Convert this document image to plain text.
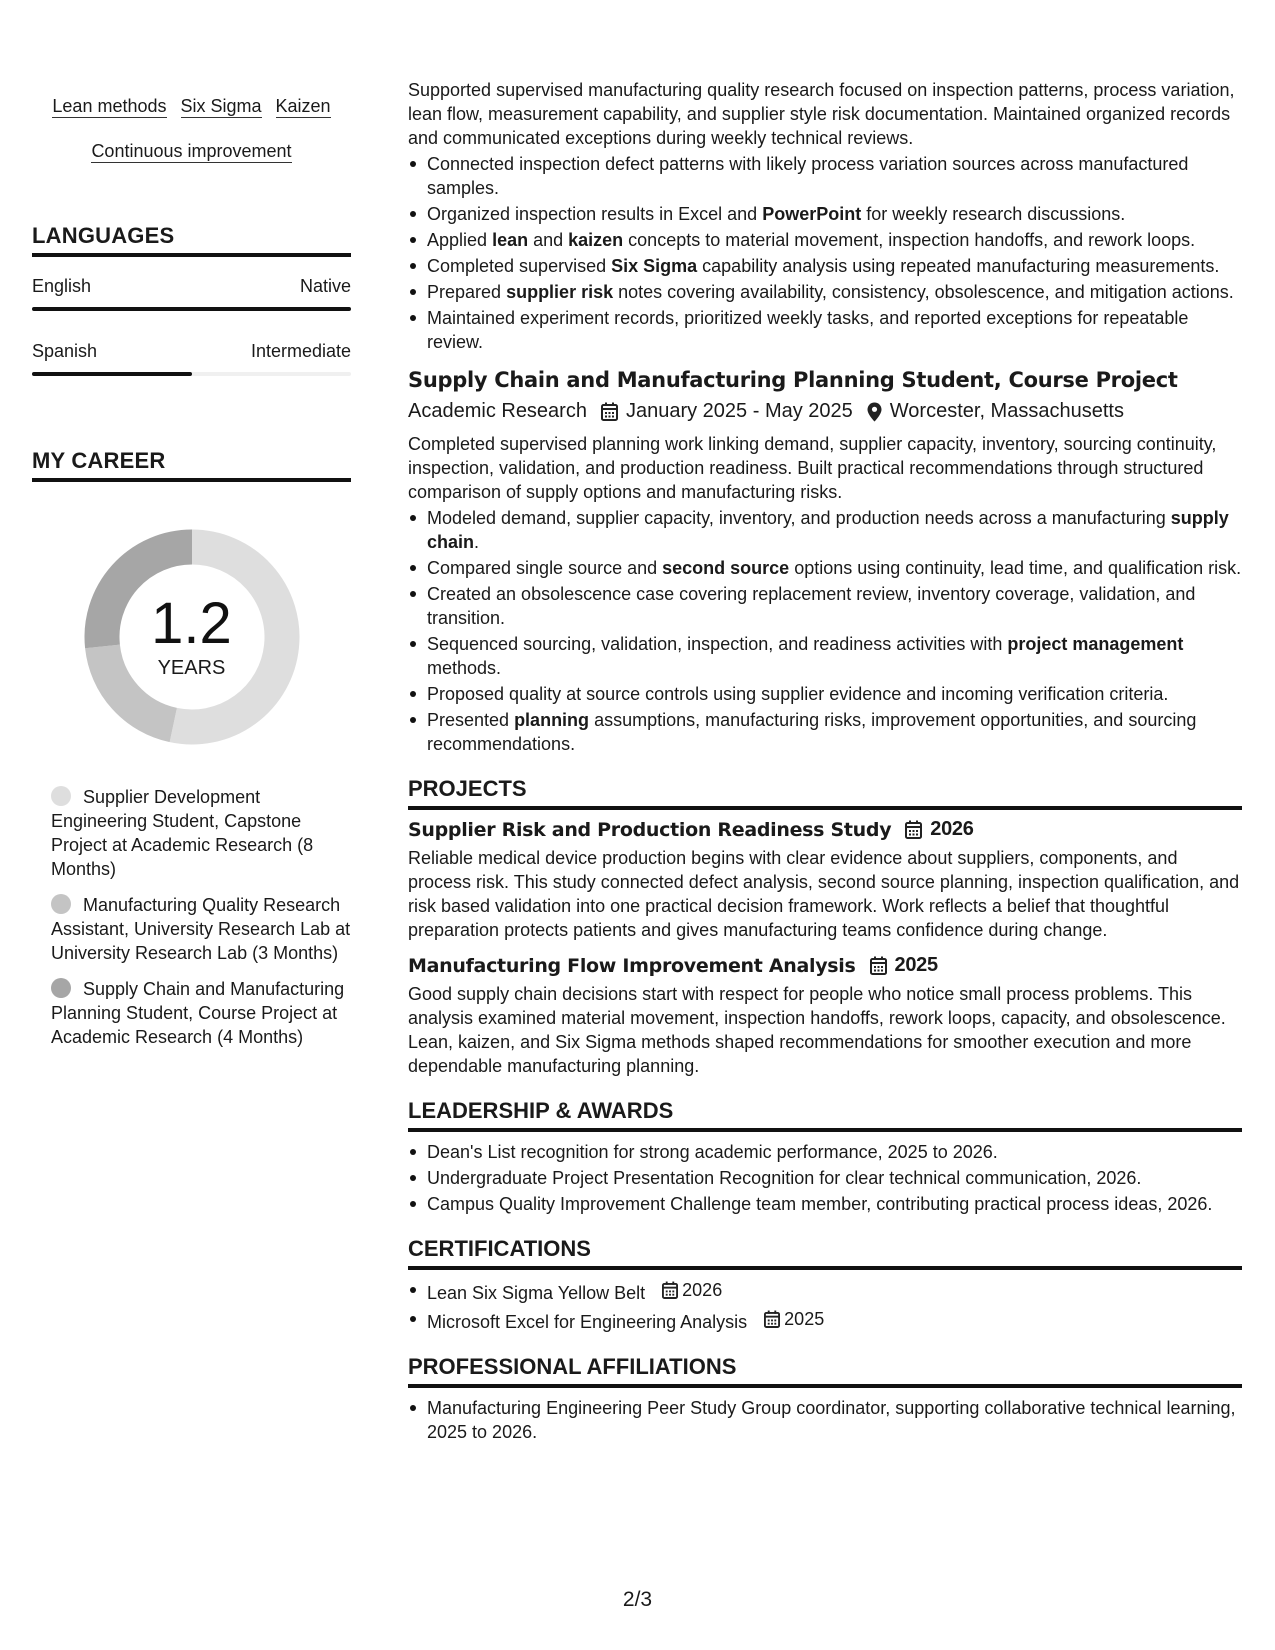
Lean methods Six Sigma Kaizen
Continuous improvement
LANGUAGES
English	Native
Spanish	Intermediate
MY CAREER
1.2
YEARS
Supplier Development Engineering Student, Capstone Project at Academic Research (8 Months)
Manufacturing Quality Research Assistant, University Research Lab at University Research Lab (3 Months)
Supply Chain and Manufacturing Planning Student, Course Project at Academic Research (4 Months)
Supported supervised manufacturing quality research focused on inspection patterns, process variation, lean flow, measurement capability, and supplier style risk documentation. Maintained organized records and communicated exceptions during weekly technical reviews.
Connected inspection defect patterns with likely process variation sources across manufactured samples.
Organized inspection results in Excel and PowerPoint for weekly research discussions.
Applied lean and kaizen concepts to material movement, inspection handoffs, and rework loops.
Completed supervised Six Sigma capability analysis using repeated manufacturing measurements.
Prepared supplier risk notes covering availability, consistency, obsolescence, and mitigation actions.
Maintained experiment records, prioritized weekly tasks, and reported exceptions for repeatable review.
Supply Chain and Manufacturing Planning Student, Course Project
Academic Research January 2025 - May 2025 Worcester, Massachusetts
Completed supervised planning work linking demand, supplier capacity, inventory, sourcing continuity, inspection, validation, and production readiness. Built practical recommendations through structured comparison of supply options and manufacturing risks.
Modeled demand, supplier capacity, inventory, and production needs across a manufacturing supply chain.
Compared single source and second source options using continuity, lead time, and qualification risk.
Created an obsolescence case covering replacement review, inventory coverage, validation, and transition.
Sequenced sourcing, validation, inspection, and readiness activities with project management methods.
Proposed quality at source controls using supplier evidence and incoming verification criteria.
Presented planning assumptions, manufacturing risks, improvement opportunities, and sourcing recommendations.
PROJECTS
Supplier Risk and Production Readiness Study 2026
Reliable medical device production begins with clear evidence about suppliers, components, and process risk. This study connected defect analysis, second source planning, inspection qualification, and risk based validation into one practical decision framework. Work reflects a belief that thoughtful preparation protects patients and gives manufacturing teams confidence during change.
Manufacturing Flow Improvement Analysis 2025
Good supply chain decisions start with respect for people who notice small process problems. This analysis examined material movement, inspection handoffs, rework loops, capacity, and obsolescence. Lean, kaizen, and Six Sigma methods shaped recommendations for smoother execution and more dependable manufacturing planning.
LEADERSHIP & AWARDS
Dean's List recognition for strong academic performance, 2025 to 2026.
Undergraduate Project Presentation Recognition for clear technical communication, 2026.
Campus Quality Improvement Challenge team member, contributing practical process ideas, 2026.
CERTIFICATIONS
Lean Six Sigma Yellow Belt 2026
Microsoft Excel for Engineering Analysis 2025
PROFESSIONAL AFFILIATIONS
Manufacturing Engineering Peer Study Group coordinator, supporting collaborative technical learning, 2025 to 2026.
2/3
